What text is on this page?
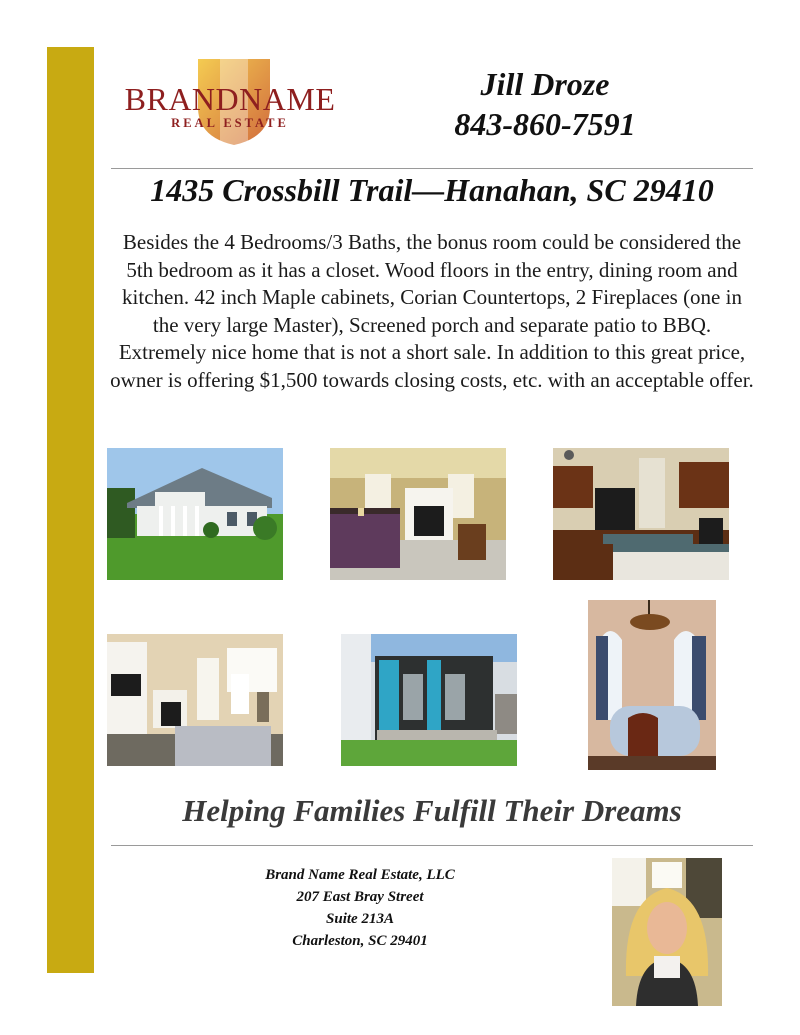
BRANDNAME
REAL ESTATE
Jill Droze
843-860-7591
1435 Crossbill Trail—Hanahan, SC 29410
Besides the 4 Bedrooms/3 Baths, the bonus room could be considered the 5th bedroom as it has a closet. Wood floors in the entry, dining room and kitchen. 42 inch Maple cabinets, Corian Countertops, 2 Fireplaces (one in the very large Master), Screened porch and separate patio to BBQ. Extremely nice home that is not a short sale. In addition to this great price, owner is offering $1,500 towards closing costs, etc. with an acceptable offer.
Helping Families Fulfill Their Dreams
Brand Name Real Estate, LLC
207 East Bray Street
Suite 213A
Charleston, SC 29401
